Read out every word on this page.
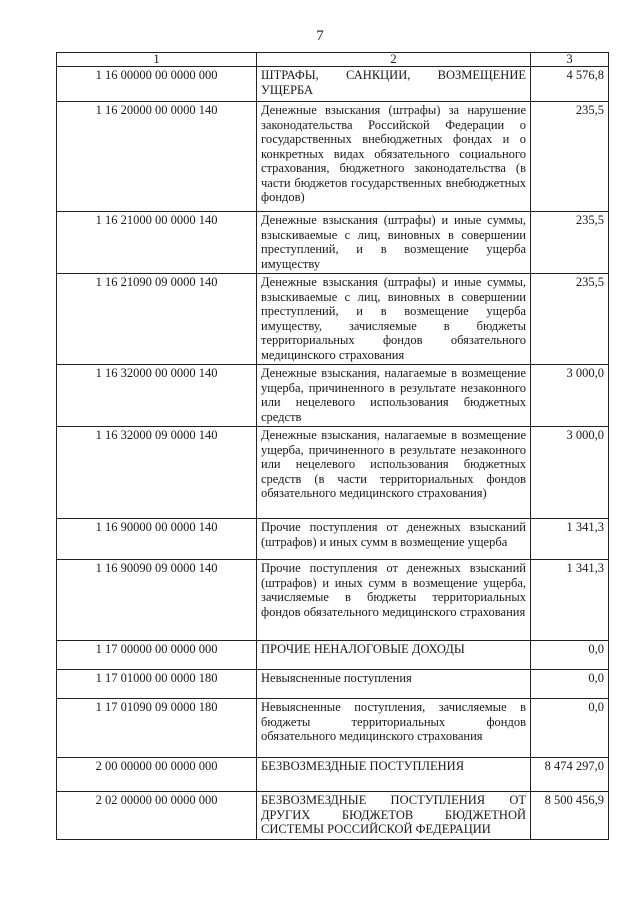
7
1	2	3
1 16 00000 00 0000 000	ШТРАФЫ, САНКЦИИ, ВОЗМЕЩЕНИЕ УЩЕРБА	4 576,8
1 16 20000 00 0000 140	Денежные взыскания (штрафы) за нарушение законодательства Российской Федерации о государственных внебюджетных фондах и о конкретных видах обязательного социального страхования, бюджетного законодательства (в части бюджетов государственных внебюджетных фондов)	235,5
1 16 21000 00 0000 140	Денежные взыскания (штрафы) и иные суммы, взыскиваемые с лиц, виновных в совершении преступлений, и в возмещение ущерба имуществу	235,5
1 16 21090 09 0000 140	Денежные взыскания (штрафы) и иные суммы, взыскиваемые с лиц, виновных в совершении преступлений, и в возмещение ущерба имуществу, зачисляемые в бюджеты территориальных фондов обязательного медицинского страхования	235,5
1 16 32000 00 0000 140	Денежные взыскания, налагаемые в возмещение ущерба, причиненного в результате незаконного или нецелевого использования бюджетных средств	3 000,0
1 16 32000 09 0000 140	Денежные взыскания, налагаемые в возмещение ущерба, причиненного в результате незаконного или нецелевого использования бюджетных средств (в части территориальных фондов обязательного медицинского страхования)	3 000,0
1 16 90000 00 0000 140	Прочие поступления от денежных взысканий (штрафов) и иных сумм в возмещение ущерба	1 341,3
1 16 90090 09 0000 140	Прочие поступления от денежных взысканий (штрафов) и иных сумм в возмещение ущерба, зачисляемые в бюджеты территориальных фондов обязательного медицинского страхования	1 341,3
1 17 00000 00 0000 000	ПРОЧИЕ НЕНАЛОГОВЫЕ ДОХОДЫ	0,0
1 17 01000 00 0000 180	Невыясненные поступления	0,0
1 17 01090 09 0000 180	Невыясненные поступления, зачисляемые в бюджеты территориальных фондов обязательного медицинского страхования	0,0
2 00 00000 00 0000 000	БЕЗВОЗМЕЗДНЫЕ ПОСТУПЛЕНИЯ	8 474 297,0
2 02 00000 00 0000 000	БЕЗВОЗМЕЗДНЫЕ ПОСТУПЛЕНИЯ ОТ ДРУГИХ БЮДЖЕТОВ БЮДЖЕТНОЙ СИСТЕМЫ РОССИЙСКОЙ ФЕДЕРАЦИИ	8 500 456,9
